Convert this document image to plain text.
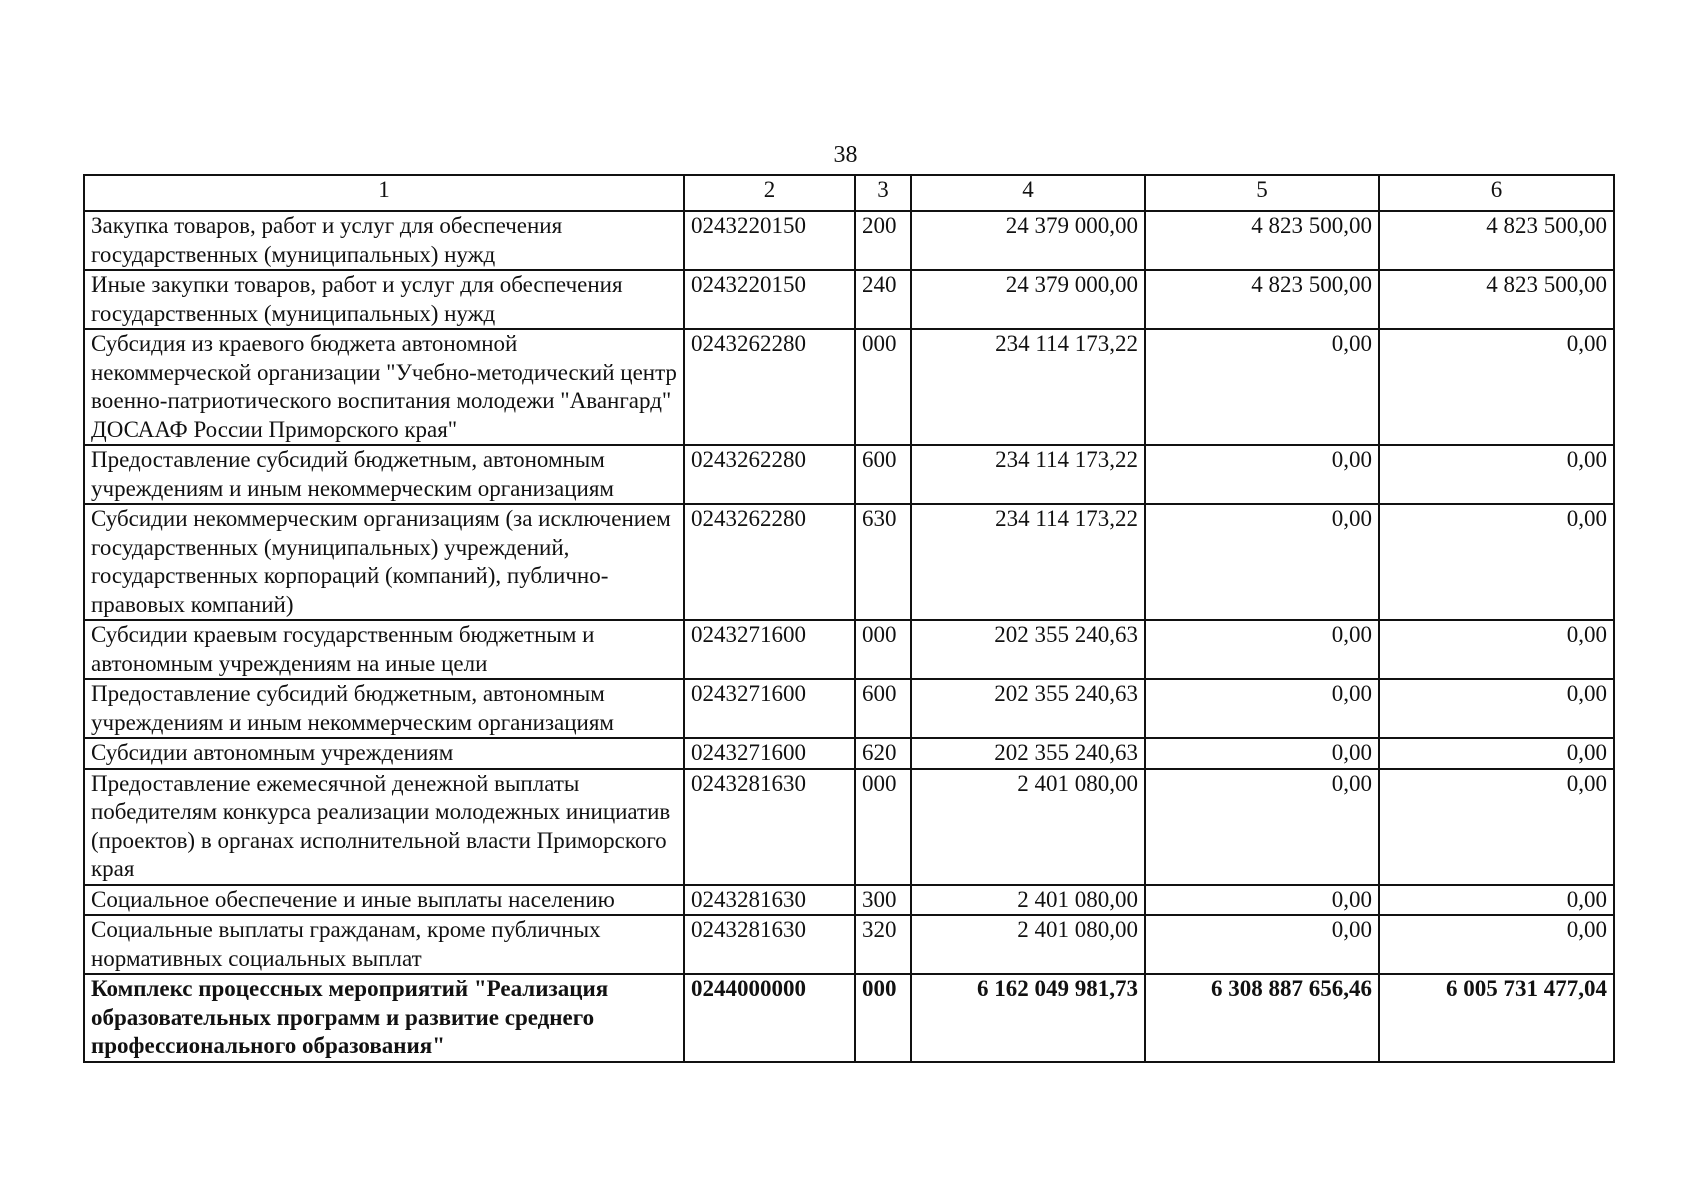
38
1	2	3	4	5	6
Закупка товаров, работ и услуг для обеспечения государственных (муниципальных) нужд	0243220150	200	24 379 000,00	4 823 500,00	4 823 500,00
Иные закупки товаров, работ и услуг для обеспечения государственных (муниципальных) нужд	0243220150	240	24 379 000,00	4 823 500,00	4 823 500,00
Субсидия из краевого бюджета автономной некоммерческой организации "Учебно-методический центр военно-патриотического воспитания молодежи "Авангард" ДОСААФ России Приморского края"	0243262280	000	234 114 173,22	0,00	0,00
Предоставление субсидий бюджетным, автономным учреждениям и иным некоммерческим организациям	0243262280	600	234 114 173,22	0,00	0,00
Субсидии некоммерческим организациям (за исключением государственных (муниципальных) учреждений, государственных корпораций (компаний), публично-правовых компаний)	0243262280	630	234 114 173,22	0,00	0,00
Субсидии краевым государственным бюджетным и автономным учреждениям на иные цели	0243271600	000	202 355 240,63	0,00	0,00
Предоставление субсидий бюджетным, автономным учреждениям и иным некоммерческим организациям	0243271600	600	202 355 240,63	0,00	0,00
Субсидии автономным учреждениям	0243271600	620	202 355 240,63	0,00	0,00
Предоставление ежемесячной денежной выплаты победителям конкурса реализации молодежных инициатив (проектов) в органах исполнительной власти Приморского края	0243281630	000	2 401 080,00	0,00	0,00
Социальное обеспечение и иные выплаты населению	0243281630	300	2 401 080,00	0,00	0,00
Социальные выплаты гражданам, кроме публичных нормативных социальных выплат	0243281630	320	2 401 080,00	0,00	0,00
Комплекс процессных мероприятий "Реализация образовательных программ и развитие среднего профессионального образования"	0244000000	000	6 162 049 981,73	6 308 887 656,46	6 005 731 477,04
